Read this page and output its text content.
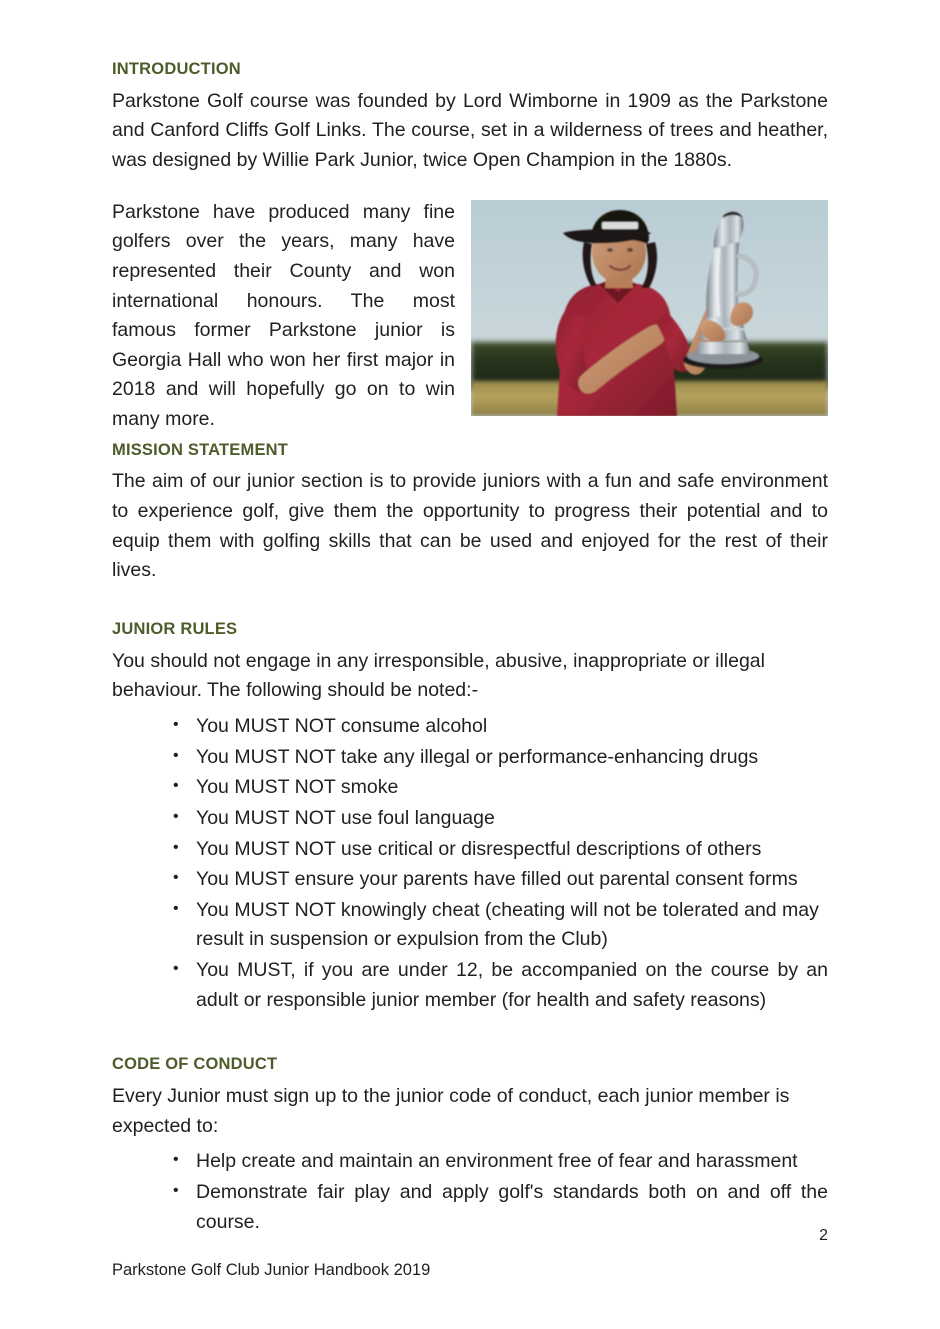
INTRODUCTION

Parkstone Golf course was founded by Lord Wimborne in 1909 as the Parkstone and Canford Cliffs Golf Links. The course, set in a wilderness of trees and heather, was designed by Willie Park Junior, twice Open Champion in the 1880s.

Parkstone have produced many fine golfers over the years, many have represented their County and won international honours. The most famous former Parkstone junior is Georgia Hall who won her first major in 2018 and will hopefully go on to win many more.

MISSION STATEMENT

The aim of our junior section is to provide juniors with a fun and safe environment to experience golf, give them the opportunity to progress their potential and to equip them with golfing skills that can be used and enjoyed for the rest of their lives.

JUNIOR RULES

You should not engage in any irresponsible, abusive, inappropriate or illegal behaviour. The following should be noted:-

• You MUST NOT consume alcohol
• You MUST NOT take any illegal or performance-enhancing drugs
• You MUST NOT smoke
• You MUST NOT use foul language
• You MUST NOT use critical or disrespectful descriptions of others
• You MUST ensure your parents have filled out parental consent forms
• You MUST NOT knowingly cheat (cheating will not be tolerated and may result in suspension or expulsion from the Club)
• You MUST, if you are under 12, be accompanied on the course by an adult or responsible junior member (for health and safety reasons)
CODE OF CONDUCT

Every Junior must sign up to the junior code of conduct, each junior member is expected to:

• Help create and maintain an environment free of fear and harassment
• Demonstrate fair play and apply golf's standards both on and off the course.
2
Parkstone Golf Club Junior Handbook 2019
